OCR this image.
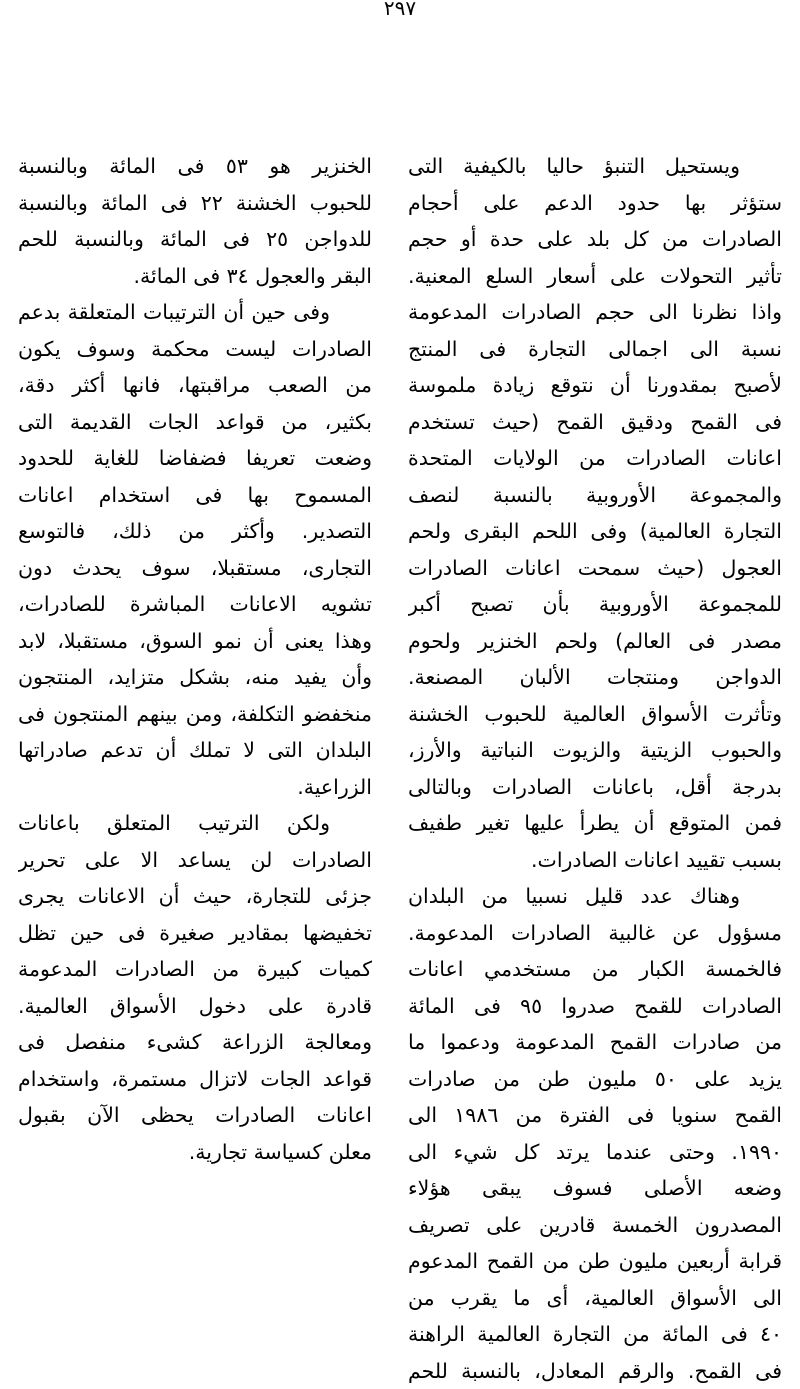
٢٩٧
ويستحيل التنبؤ حاليا بالكيفية التى
ستؤثر بها حدود الدعم على أحجام
الصادرات من كل بلد على حدة أو حجم
تأثير التحولات على أسعار السلع المعنية.
واذا نظرنا الى حجم الصادرات المدعومة
نسبة الى اجمالى التجارة فى المنتج
لأصبح بمقدورنا أن نتوقع زيادة ملموسة
فى القمح ودقيق القمح (حيث تستخدم
اعانات الصادرات من الولايات المتحدة
والمجموعة الأوروبية بالنسبة لنصف
التجارة العالمية) وفى اللحم البقرى ولحم
العجول (حيث سمحت اعانات الصادرات
للمجموعة الأوروبية بأن تصبح أكبر
مصدر فى العالم) ولحم الخنزير ولحوم
الدواجن ومنتجات الألبان المصنعة.
وتأثرت الأسواق العالمية للحبوب الخشنة
والحبوب الزيتية والزيوت النباتية والأرز،
بدرجة أقل، باعانات الصادرات وبالتالى
فمن المتوقع أن يطرأ عليها تغير طفيف
بسبب تقييد اعانات الصادرات.
وهناك عدد قليل نسبيا من البلدان
مسؤول عن غالبية الصادرات المدعومة.
فالخمسة الكبار من مستخدمي اعانات
الصادرات للقمح صدروا ٩٥ فى المائة
من صادرات القمح المدعومة ودعموا ما
يزيد على ٥٠ مليون طن من صادرات
القمح سنويا فى الفترة من ١٩٨٦ الى
١٩٩٠. وحتى عندما يرتد كل شيء الى
وضعه الأصلى فسوف يبقى هؤلاء
المصدرون الخمسة قادرين على تصريف
قرابة أربعين مليون طن من القمح المدعوم
الى الأسواق العالمية، أى ما يقرب من
٤٠ فى المائة من التجارة العالمية الراهنة
فى القمح. والرقم المعادل، بالنسبة للحم
الخنزير هو ٥٣ فى المائة وبالنسبة
للحبوب الخشنة ٢٢ فى المائة وبالنسبة
للدواجن ٢٥ فى المائة وبالنسبة للحم
البقر والعجول ٣٤ فى المائة.
وفى حين أن الترتيبات المتعلقة بدعم
الصادرات ليست محكمة وسوف يكون
من الصعب مراقبتها، فانها أكثر دقة،
بكثير، من قواعد الجات القديمة التى
وضعت تعريفا فضفاضا للغاية للحدود
المسموح بها فى استخدام اعانات
التصدير. وأكثر من ذلك، فالتوسع
التجارى، مستقبلا، سوف يحدث دون
تشويه الاعانات المباشرة للصادرات،
وهذا يعنى أن نمو السوق، مستقبلا، لابد
وأن يفيد منه، بشكل متزايد، المنتجون
منخفضو التكلفة، ومن بينهم المنتجون فى
البلدان التى لا تملك أن تدعم صادراتها
الزراعية.
ولكن الترتيب المتعلق باعانات
الصادرات لن يساعد الا على تحرير
جزئى للتجارة، حيث أن الاعانات يجرى
تخفيضها بمقادير صغيرة فى حين تظل
كميات كبيرة من الصادرات المدعومة
قادرة على دخول الأسواق العالمية.
ومعالجة الزراعة كشىء منفصل فى
قواعد الجات لاتزال مستمرة، واستخدام
اعانات الصادرات يحظى الآن بقبول
معلن كسياسة تجارية.
